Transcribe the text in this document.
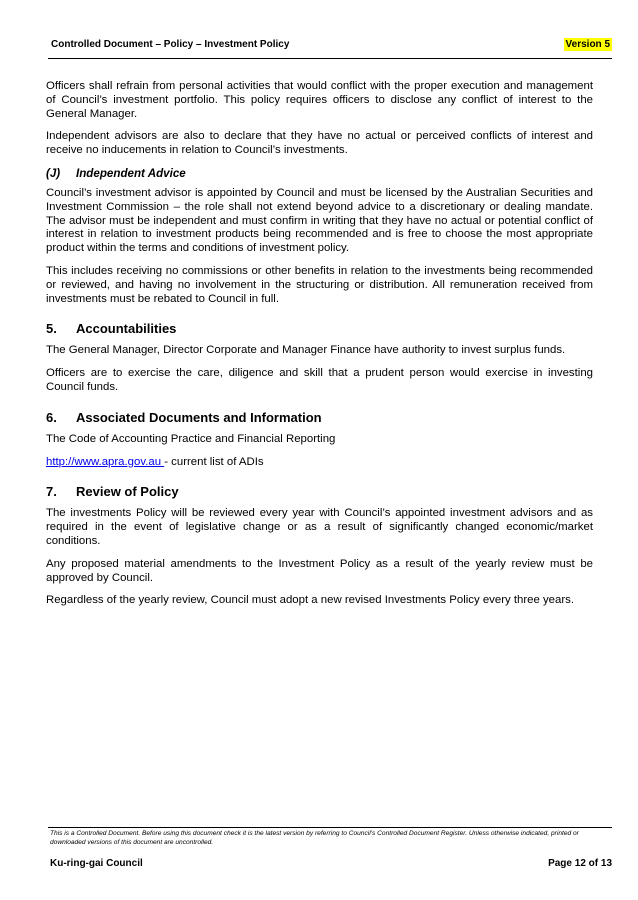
Controlled Document – Policy – Investment Policy	Version 5

Officers shall refrain from personal activities that would conflict with the proper execution and management of Council’s investment portfolio. This policy requires officers to disclose any conflict of interest to the General Manager.

Independent advisors are also to declare that they have no actual or perceived conflicts of interest and receive no inducements in relation to Council’s investments.

(J) Independent Advice

Council’s investment advisor is appointed by Council and must be licensed by the Australian Securities and Investment Commission – the role shall not extend beyond advice to a discretionary or dealing mandate. The advisor must be independent and must confirm in writing that they have no actual or potential conflict of interest in relation to investment products being recommended and is free to choose the most appropriate product within the terms and conditions of investment policy.

This includes receiving no commissions or other benefits in relation to the investments being recommended or reviewed, and having no involvement in the structuring or distribution. All remuneration received from investments must be rebated to Council in full.

5. Accountabilities

The General Manager, Director Corporate and Manager Finance have authority to invest surplus funds.

Officers are to exercise the care, diligence and skill that a prudent person would exercise in investing Council funds.

6. Associated Documents and Information

The Code of Accounting Practice and Financial Reporting

http://www.apra.gov.au - current list of ADIs

7. Review of Policy

The investments Policy will be reviewed every year with Council’s appointed investment advisors and as required in the event of legislative change or as a result of significantly changed economic/market conditions.

Any proposed material amendments to the Investment Policy as a result of the yearly review must be approved by Council.

Regardless of the yearly review, Council must adopt a new revised Investments Policy every three years.

This is a Controlled Document. Before using this document check it is the latest version by referring to Council’s Controlled Document Register. Unless otherwise indicated, printed or downloaded versions of this document are uncontrolled.
Ku-ring-gai Council	Page 12 of 13
